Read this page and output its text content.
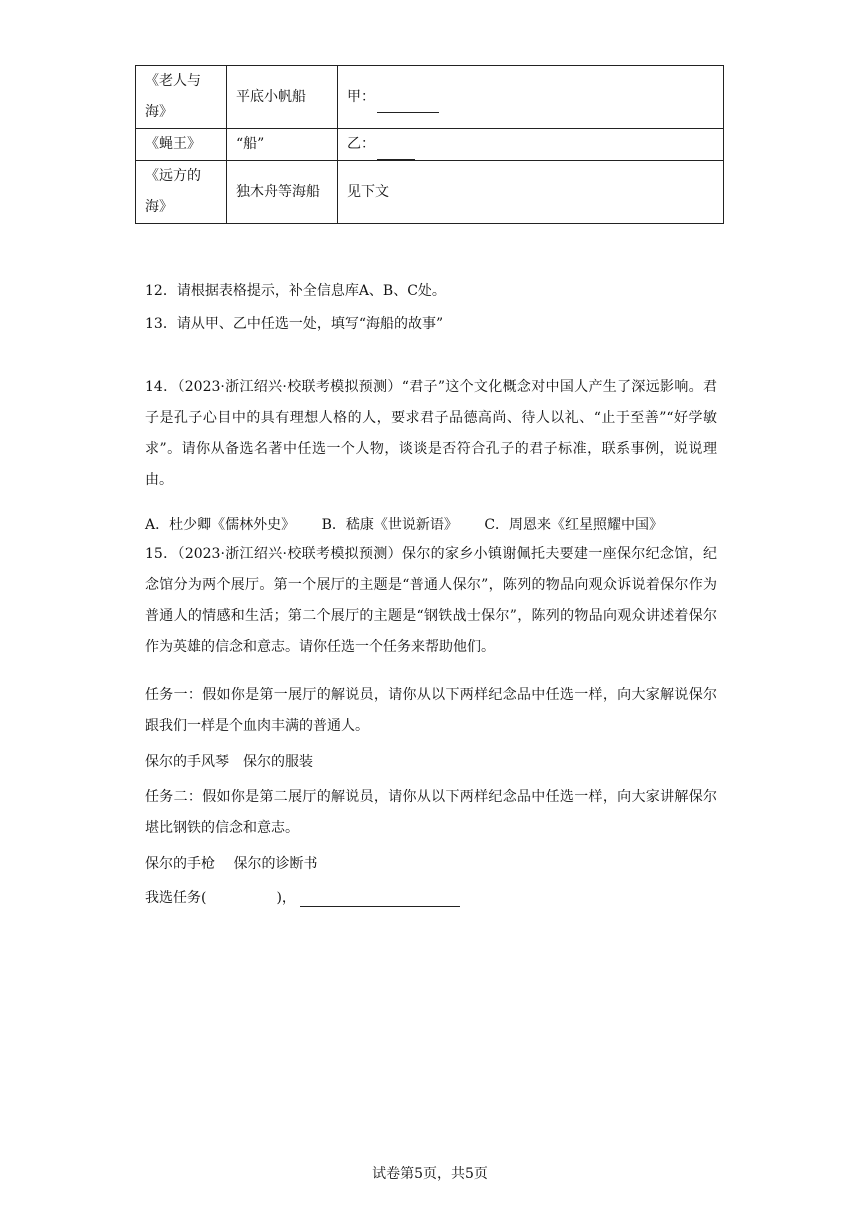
《老人与海》	平底小帆船	甲：
《蝇王》	“船”	乙：
《远方的海》	独木舟等海船	见下文
12．请根据表格提示，补全信息库A、B、C处。
13．请从甲、乙中任选一处，填写“海船的故事”
14．（2023·浙江绍兴·校联考模拟预测）“君子”这个文化概念对中国人产生了深远影响。君子是孔子心目中的具有理想人格的人，要求君子品德高尚、待人以礼、“止于至善”“好学敏求”。请你从备选名著中任选一个人物，谈谈是否符合孔子的君子标准，联系事例，说说理由。
A．杜少卿《儒林外史》 B．嵇康《世说新语》 C．周恩来《红星照耀中国》
15．（2023·浙江绍兴·校联考模拟预测）保尔的家乡小镇谢佩托夫要建一座保尔纪念馆，纪念馆分为两个展厅。第一个展厅的主题是“普通人保尔”，陈列的物品向观众诉说着保尔作为普通人的情感和生活；第二个展厅的主题是“钢铁战士保尔”，陈列的物品向观众讲述着保尔作为英雄的信念和意志。请你任选一个任务来帮助他们。
任务一：假如你是第一展厅的解说员，请你从以下两样纪念品中任选一样，向大家解说保尔跟我们一样是个血肉丰满的普通人。
保尔的手风琴　保尔的服装
任务二：假如你是第二展厅的解说员，请你从以下两样纪念品中任选一样，向大家讲解保尔堪比钢铁的信念和意志。
保尔的手枪　 保尔的诊断书
我选任务(　　　　　)，
试卷第5页，共5页
